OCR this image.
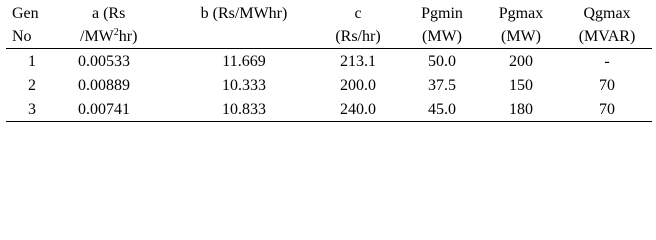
Gen	a (Rs	b (Rs/MWhr)	c	Pgmin	Pgmax	Qgmax
No	$/MW^2hr$)		(Rs/hr)	(MW)	(MW)	(MVAR)
1	0.00533	11.669	213.1	50.0	200	-
2	0.00889	10.333	200.0	37.5	150	70
3	0.00741	10.833	240.0	45.0	180	70
